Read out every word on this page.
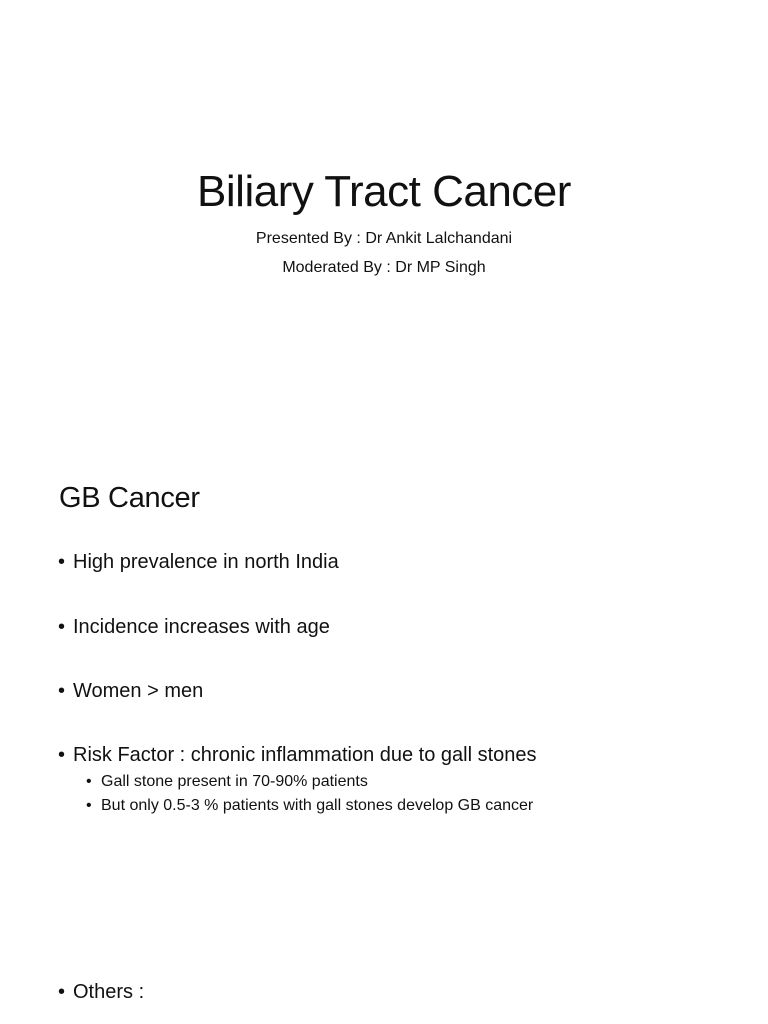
Biliary Tract Cancer
Presented By : Dr Ankit Lalchandani
Moderated By : Dr MP Singh
GB Cancer
• High prevalence in north India
• Incidence increases with age
• Women > men
• Risk Factor : chronic inflammation due to gall stones
• Gall stone present in 70-90% patients
• But only 0.5-3 % patients with gall stones develop GB cancer
• Others :
